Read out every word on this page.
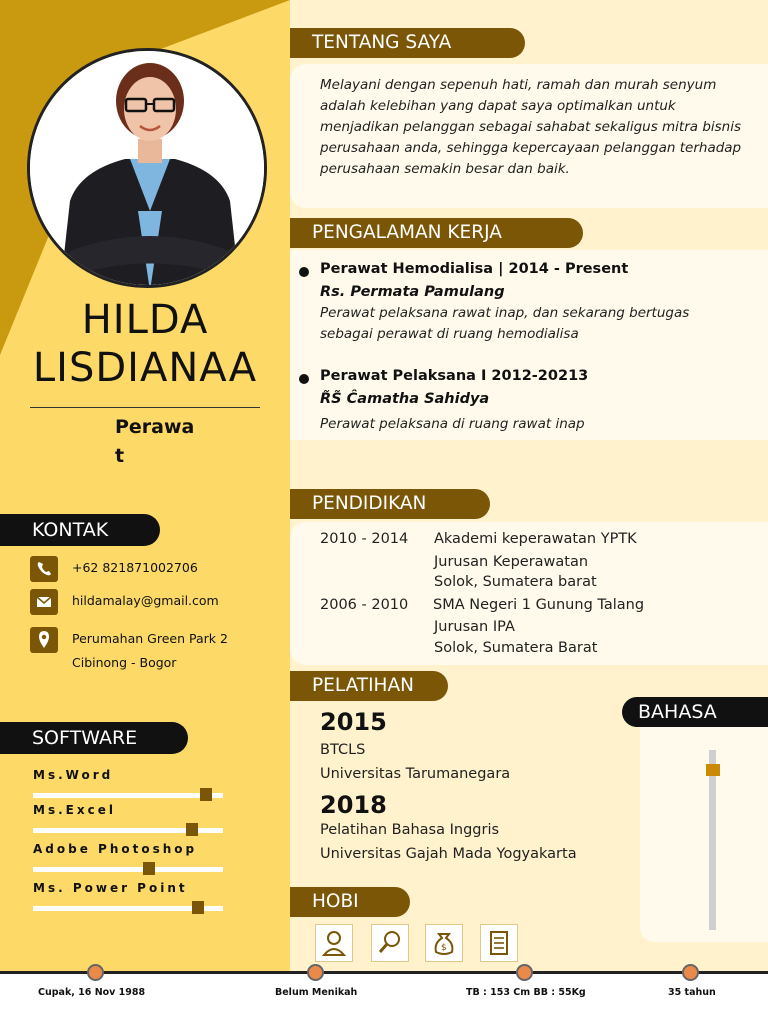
HILDA
LISDIANAA
Perawat
KONTAK
+62 821871002706
hildamalay@gmail.com
Perumahan Green Park 2
Cibinong - Bogor
SOFTWARE
Ms.Word
Ms.Excel
Adobe Photoshop
Ms. Power Point
TENTANG SAYA
Melayani dengan sepenuh hati, ramah dan murah senyum adalah kelebihan yang dapat saya optimalkan untuk menjadikan pelanggan sebagai sahabat sekaligus mitra bisnis perusahaan anda, sehingga kepercayaan pelanggan terhadap perusahaan semakin besar dan baik.
PENGALAMAN KERJA
Perawat Hemodialisa | 2014 - Present
Rs. Permata Pamulang
Perawat pelaksana rawat inap, dan sekarang bertugas sebagai perawat di ruang hemodialisa
Perawat Pelaksana I 2012-20213
R̃S̃ Ĉamatha Sahidya
Perawat pelaksana di ruang rawat inap
PENDIDIKAN
2010 - 2014 Akademi keperawatan YPTK
Jurusan Keperawatan
Solok, Sumatera barat
2006 - 2010 SMA Negeri 1 Gunung Talang
Jurusan IPA
Solok, Sumatera Barat
PELATIHAN
2015
BTCLS
Universitas Tarumanegara
2018
Pelatihan Bahasa Inggris
Universitas Gajah Mada Yogyakarta
BAHASA
HOBI
$
Cupak, 16 Nov 1988	Belum Menikah	TB : 153 Cm BB : 55Kg	35 tahun
